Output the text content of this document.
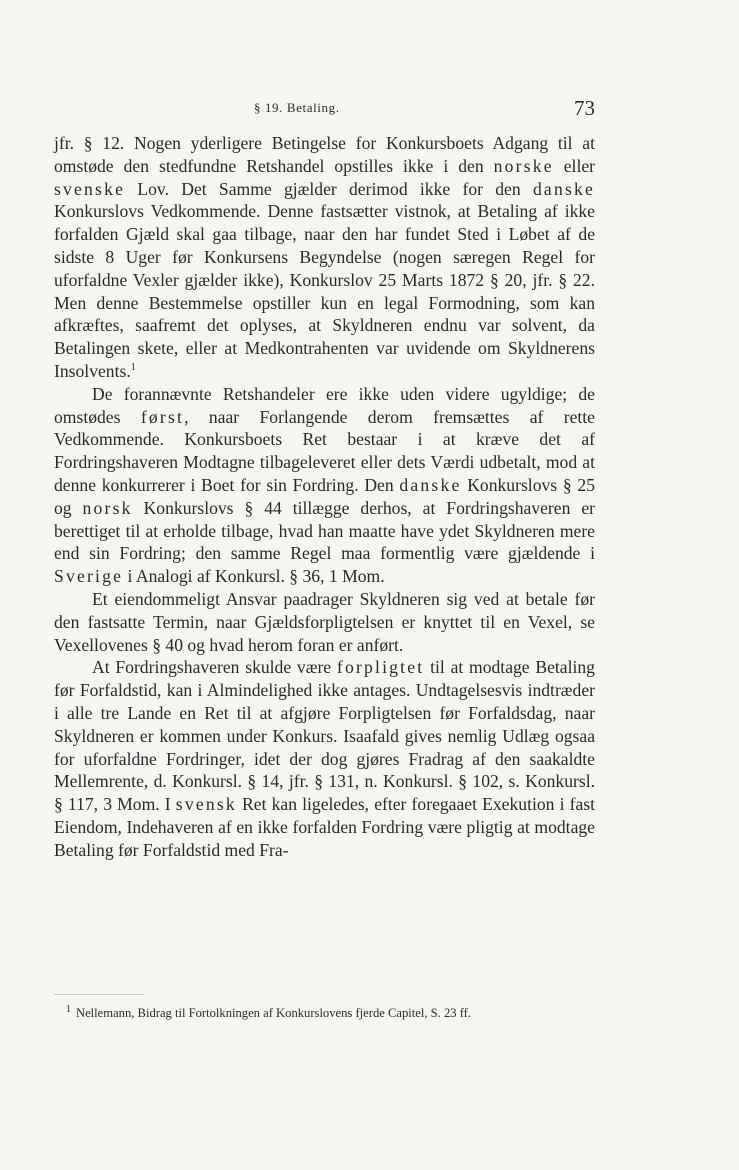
§ 19. Betaling.	73

jfr. § 12. Nogen yderligere Betingelse for Konkursboets Adgang til at omstøde den stedfundne Retshandel opstilles ikke i den norske eller svenske Lov. Det Samme gjælder derimod ikke for den danske Konkurslovs Vedkommende. Denne fastsætter vistnok, at Betaling af ikke forfalden Gjæld skal gaa tilbage, naar den har fundet Sted i Løbet af de sidste 8 Uger før Konkursens Begyndelse (nogen særegen Regel for uforfaldne Vexler gjælder ikke), Konkurslov 25 Marts 1872 § 20, jfr. § 22. Men denne Bestemmelse opstiller kun en legal Formodning, som kan afkræftes, saafremt det oplyses, at Skyldneren endnu var solvent, da Betalingen skete, eller at Medkontrahenten var uvidende om Skyldnerens Insolvents.$^1$

De forannævnte Retshandeler ere ikke uden videre ugyldige; de omstødes først, naar Forlangende derom fremsættes af rette Vedkommende. Konkursboets Ret bestaar i at kræve det af Fordringshaveren Modtagne tilbageleveret eller dets Værdi udbetalt, mod at denne konkurrerer i Boet for sin Fordring. Den danske Konkurslovs § 25 og norsk Konkurslovs § 44 tillægge derhos, at Fordringshaveren er berettiget til at erholde tilbage, hvad han maatte have ydet Skyldneren mere end sin Fordring; den samme Regel maa formentlig være gjældende i Sverige i Analogi af Konkursl. § 36, 1 Mom.

Et eiendommeligt Ansvar paadrager Skyldneren sig ved at betale før den fastsatte Termin, naar Gjældsforpligtelsen er knyttet til en Vexel, se Vexellovenes § 40 og hvad herom foran er anført.

At Fordringshaveren skulde være forpligtet til at modtage Betaling før Forfaldstid, kan i Almindelighed ikke antages. Undtagelsesvis indtræder i alle tre Lande en Ret til at afgjøre Forpligtelsen før Forfaldsdag, naar Skyldneren er kommen under Konkurs. Isaafald gives nemlig Udlæg ogsaa for uforfaldne Fordringer, idet der dog gjøres Fradrag af den saakaldte Mellemrente, d. Konkursl. § 14, jfr. § 131, n. Konkursl. § 102, s. Konkursl. § 117, 3 Mom. I svensk Ret kan ligeledes, efter foregaaet Exekution i fast Eiendom, Indehaveren af en ikke forfalden Fordring være pligtig at modtage Betaling før Forfaldstid med Fra-

$^1$ Nellemann, Bidrag til Fortolkningen af Konkurslovens fjerde Capitel, S. 23 ff.
